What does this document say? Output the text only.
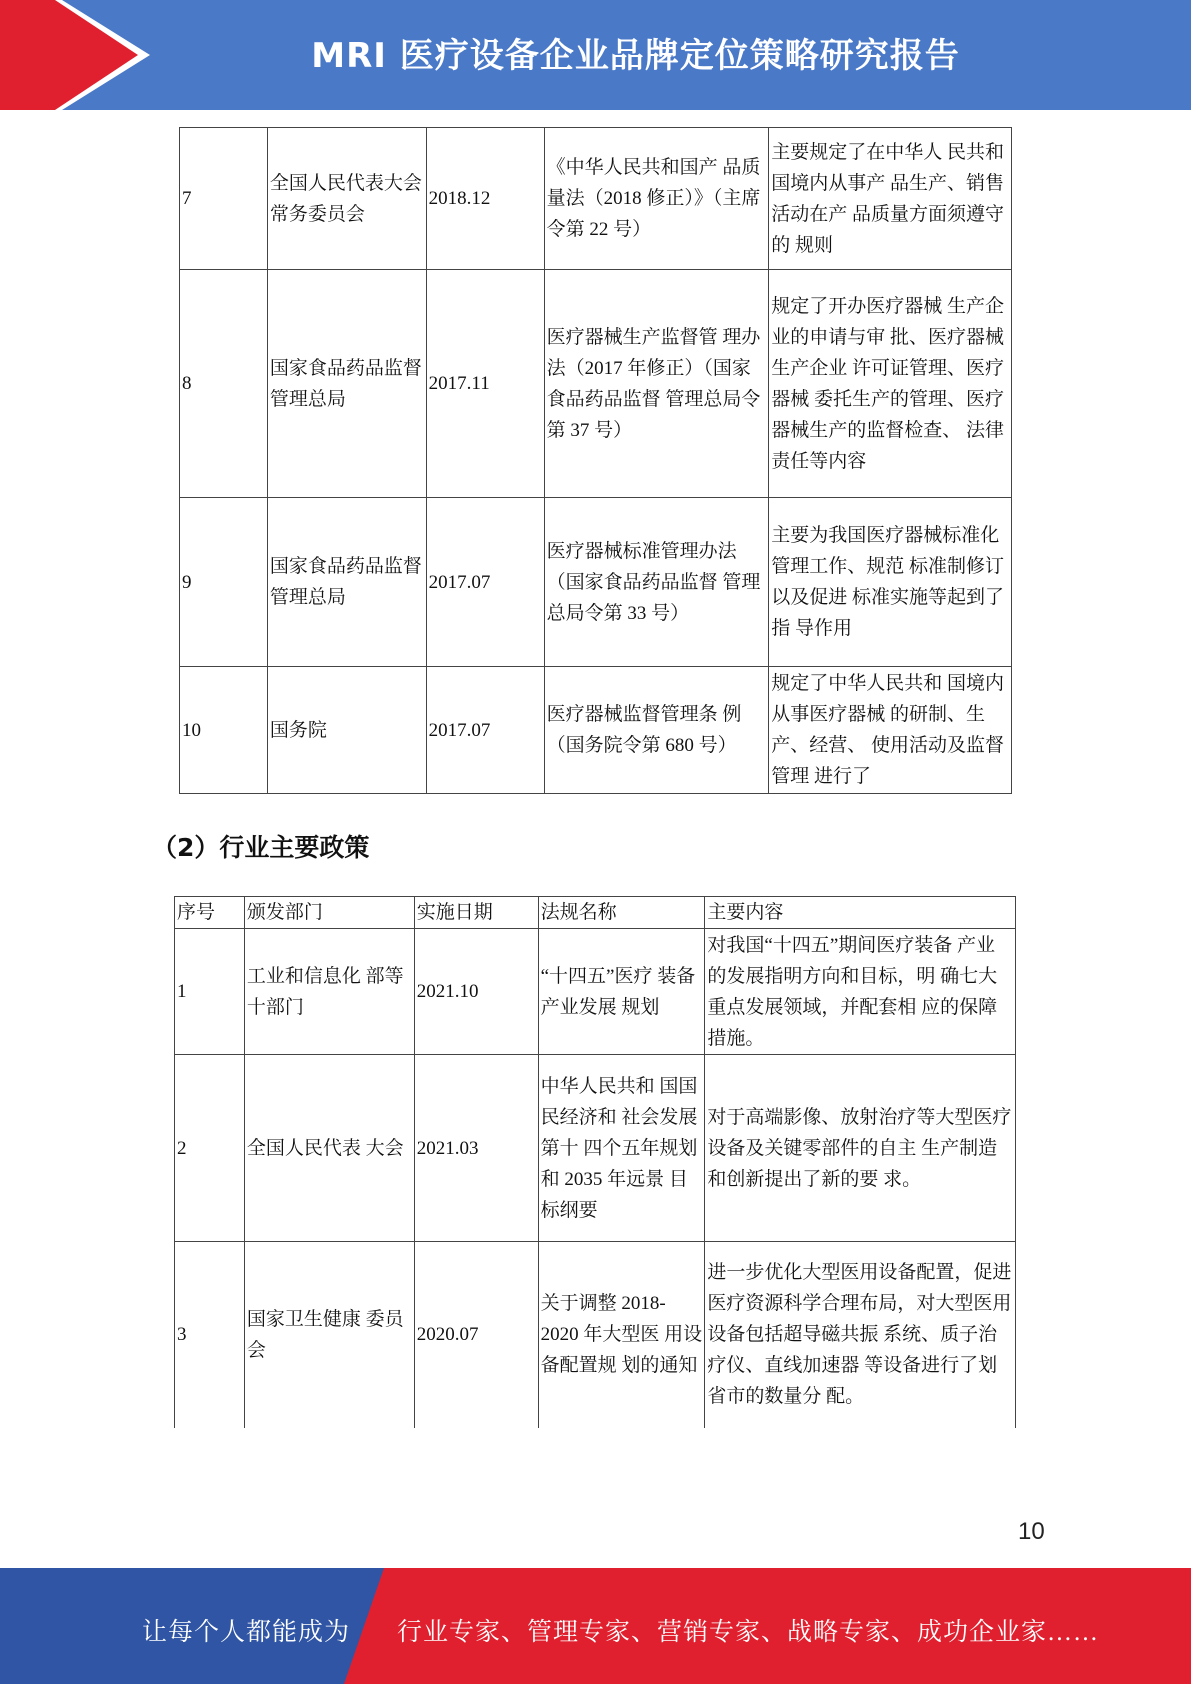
MRI 医疗设备企业品牌定位策略研究报告
7	全国人民代表大会常务委员会	2018.12	《中华人民共和国产 品质量法（2018 修正）》（主席令第 22 号）	主要规定了在中华人 民共和国境内从事产 品生产、销售活动在产 品质量方面须遵守的 规则
8	国家食品药品监督管理总局	2017.11	医疗器械生产监督管 理办法（2017 年修正）（国家食品药品监督 管理总局令第 37 号）	规定了开办医疗器械 生产企业的申请与审 批、医疗器械生产企业 许可证管理、医疗器械 委托生产的管理、医疗 器械生产的监督检查、 法律责任等内容
9	国家食品药品监督管理总局	2017.07	医疗器械标准管理办法（国家食品药品监督 管理总局令第 33 号）	主要为我国医疗器械标准化管理工作、规范 标准制修订以及促进 标准实施等起到了指 导作用
10	国务院	2017.07	医疗器械监督管理条 例（国务院令第 680 号）	规定了中华人民共和 国境内从事医疗器械 的研制、生产、经营、 使用活动及监督管理 进行了
（2）行业主要政策
序号	颁发部门	实施日期	法规名称	主要内容
1	工业和信息化 部等十部门	2021.10	“十四五”医疗 装备产业发展 规划	对我国“十四五”期间医疗装备 产业的发展指明方向和目标，明 确七大重点发展领域，并配套相 应的保障措施。
2	全国人民代表 大会	2021.03	中华人民共和 国国民经济和 社会发展第十 四个五年规划 和 2035 年远景 目标纲要	对于高端影像、放射治疗等大型医疗设备及关键零部件的自主 生产制造和创新提出了新的要 求。
3	国家卫生健康 委员会	2020.07	关于调整 2018-2020 年大型医 用设备配置规 划的通知	进一步优化大型医用设备配置，促进医疗资源科学合理布局，对大型医用设备包括超导磁共振 系统、质子治疗仪、直线加速器 等设备进行了划省市的数量分 配。
10
让每个人都能成为 行业专家、管理专家、营销专家、战略专家、成功企业家……
